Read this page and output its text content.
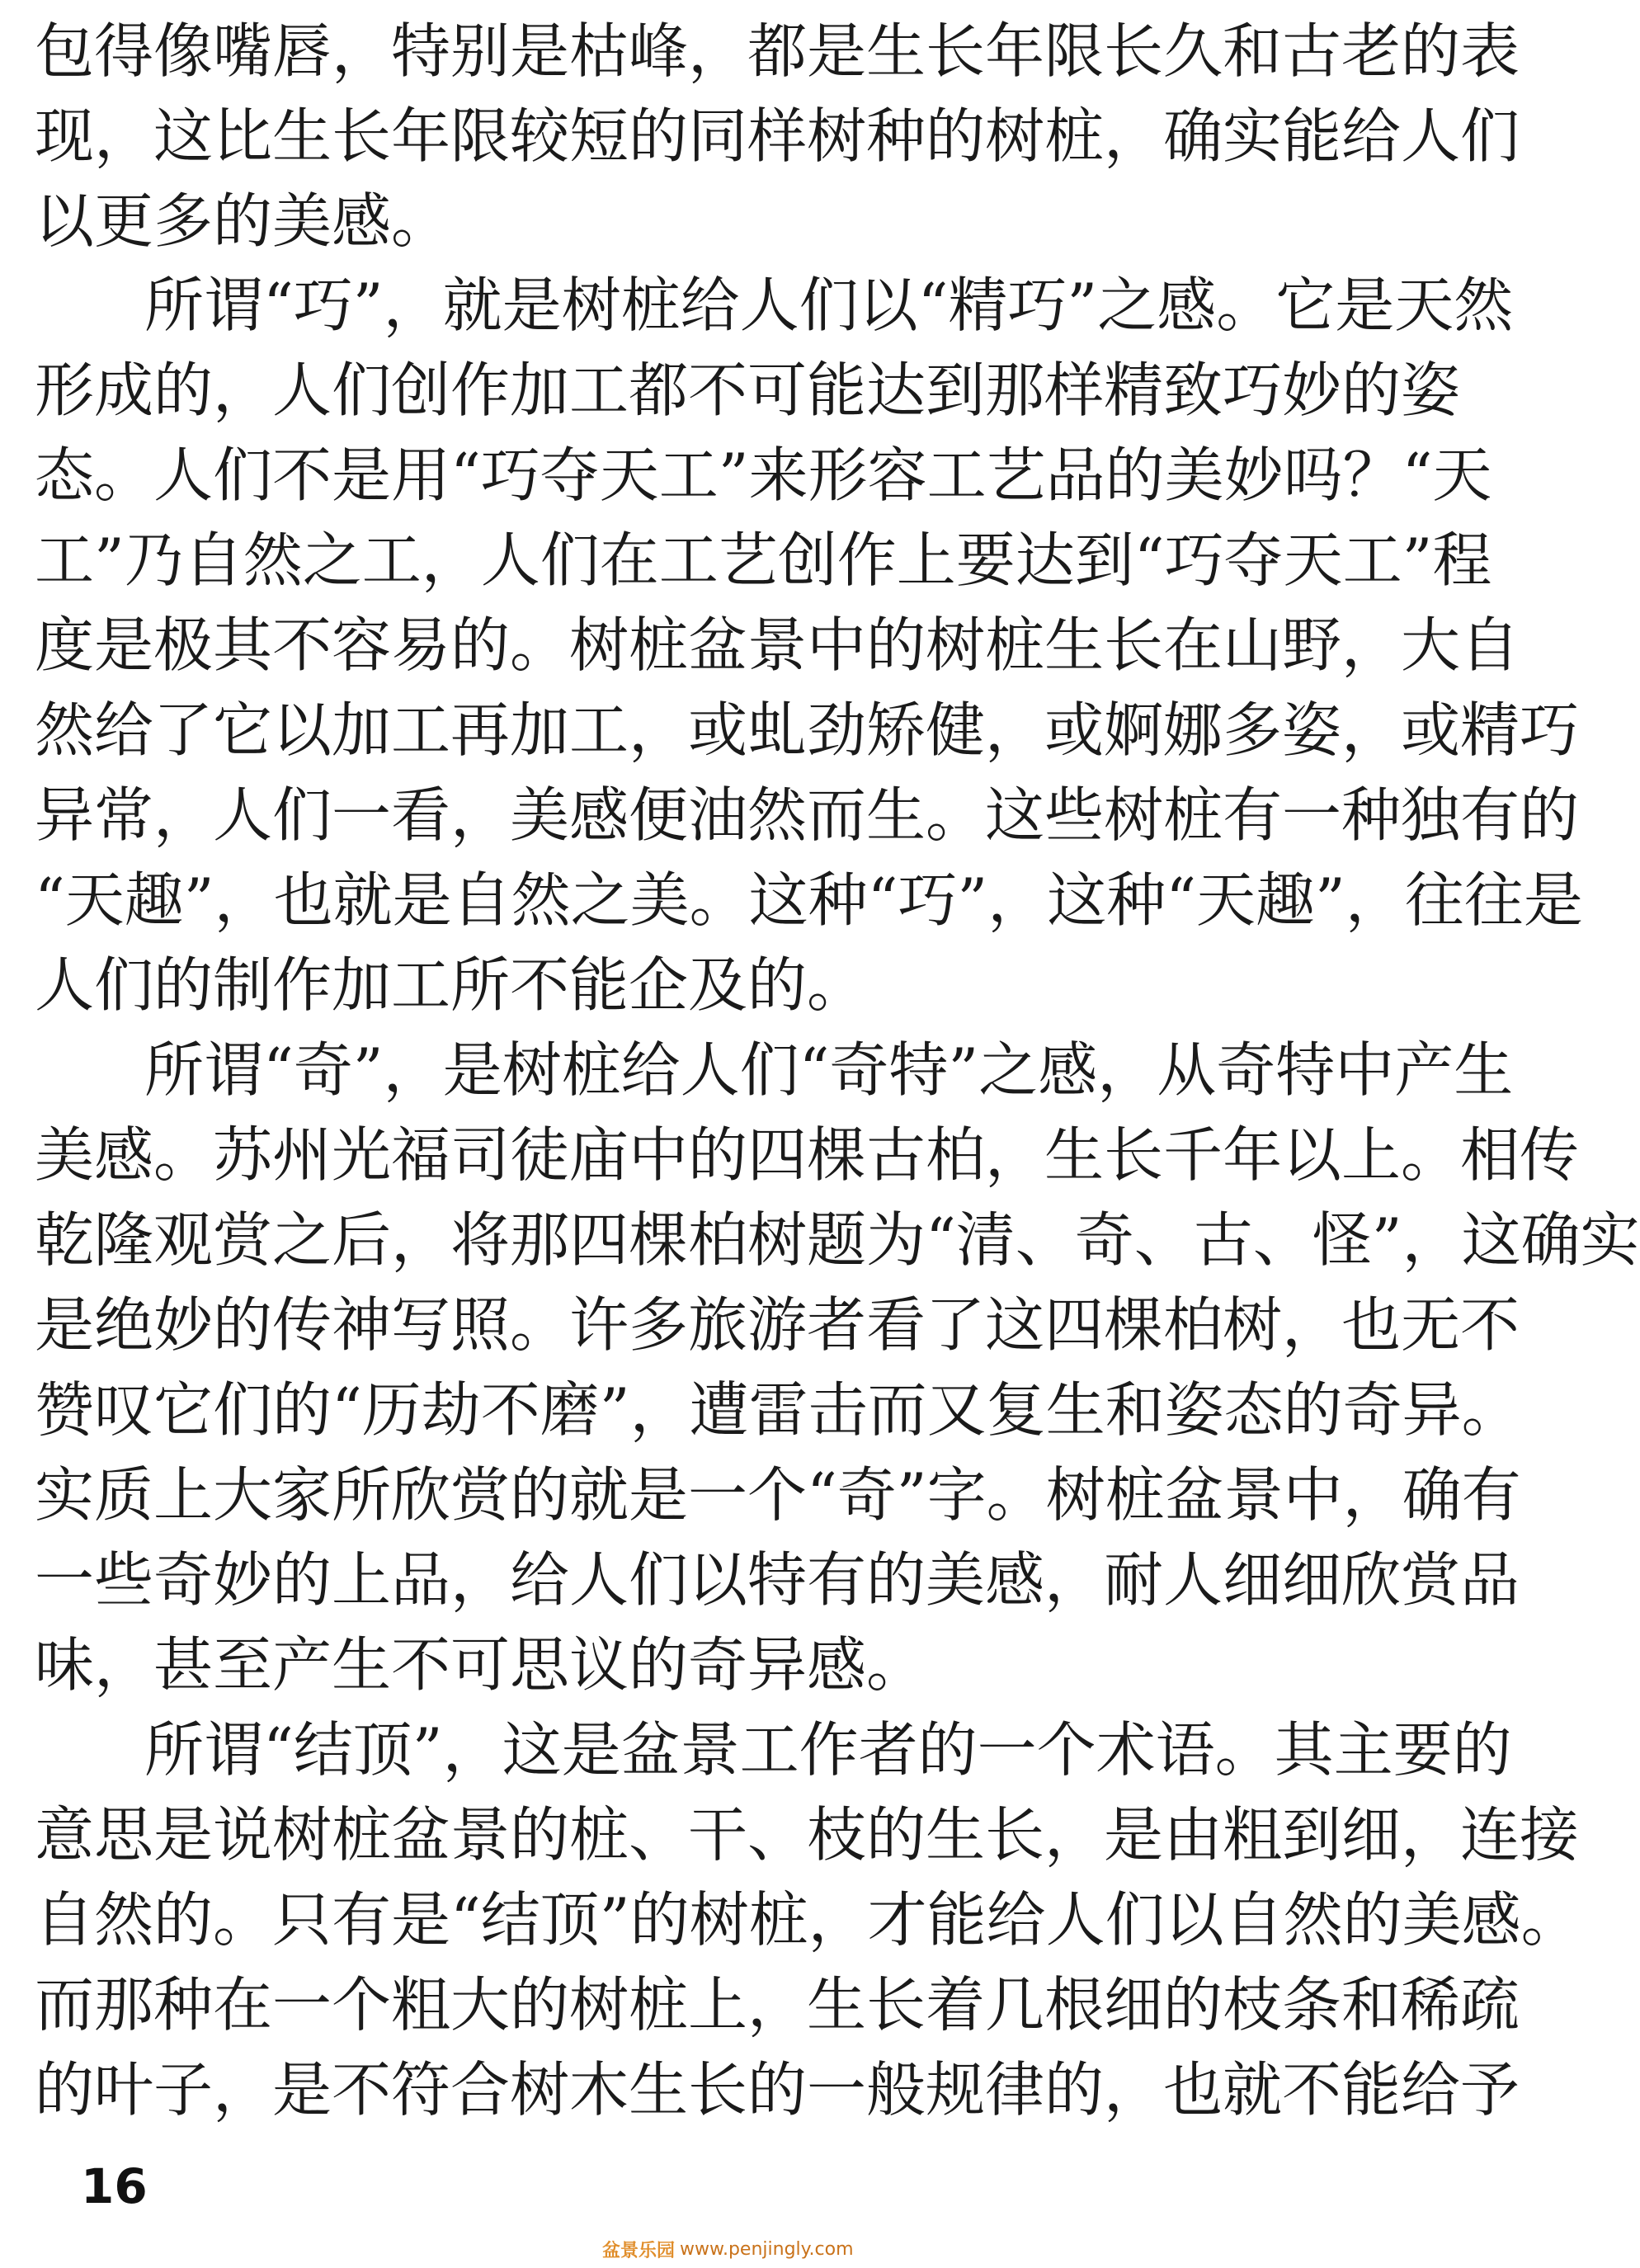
包得像嘴唇，特别是枯峰，都是生长年限长久和古老的表
现，这比生长年限较短的同样树种的树桩，确实能给人们
以更多的美感。
所谓“巧”，就是树桩给人们以“精巧”之感。它是天然
形成的，人们创作加工都不可能达到那样精致巧妙的姿
态。人们不是用“巧夺天工”来形容工艺品的美妙吗？“天
工”乃自然之工，人们在工艺创作上要达到“巧夺天工”程
度是极其不容易的。树桩盆景中的树桩生长在山野，大自
然给了它以加工再加工，或虬劲矫健，或婀娜多姿，或精巧
异常，人们一看，美感便油然而生。这些树桩有一种独有的
“天趣”，也就是自然之美。这种“巧”，这种“天趣”，往往是
人们的制作加工所不能企及的。
所谓“奇”，是树桩给人们“奇特”之感，从奇特中产生
美感。苏州光福司徒庙中的四棵古柏，生长千年以上。相传
乾隆观赏之后，将那四棵柏树题为“清、奇、古、怪”，这确实
是绝妙的传神写照。许多旅游者看了这四棵柏树，也无不
赞叹它们的“历劫不磨”，遭雷击而又复生和姿态的奇异。
实质上大家所欣赏的就是一个“奇”字。树桩盆景中，确有
一些奇妙的上品，给人们以特有的美感，耐人细细欣赏品
味，甚至产生不可思议的奇异感。
所谓“结顶”，这是盆景工作者的一个术语。其主要的
意思是说树桩盆景的桩、干、枝的生长，是由粗到细，连接
自然的。只有是“结顶”的树桩，才能给人们以自然的美感。
而那种在一个粗大的树桩上，生长着几根细的枝条和稀疏
的叶子，是不符合树木生长的一般规律的，也就不能给予
16
盆景乐园 www.penjingly.com
